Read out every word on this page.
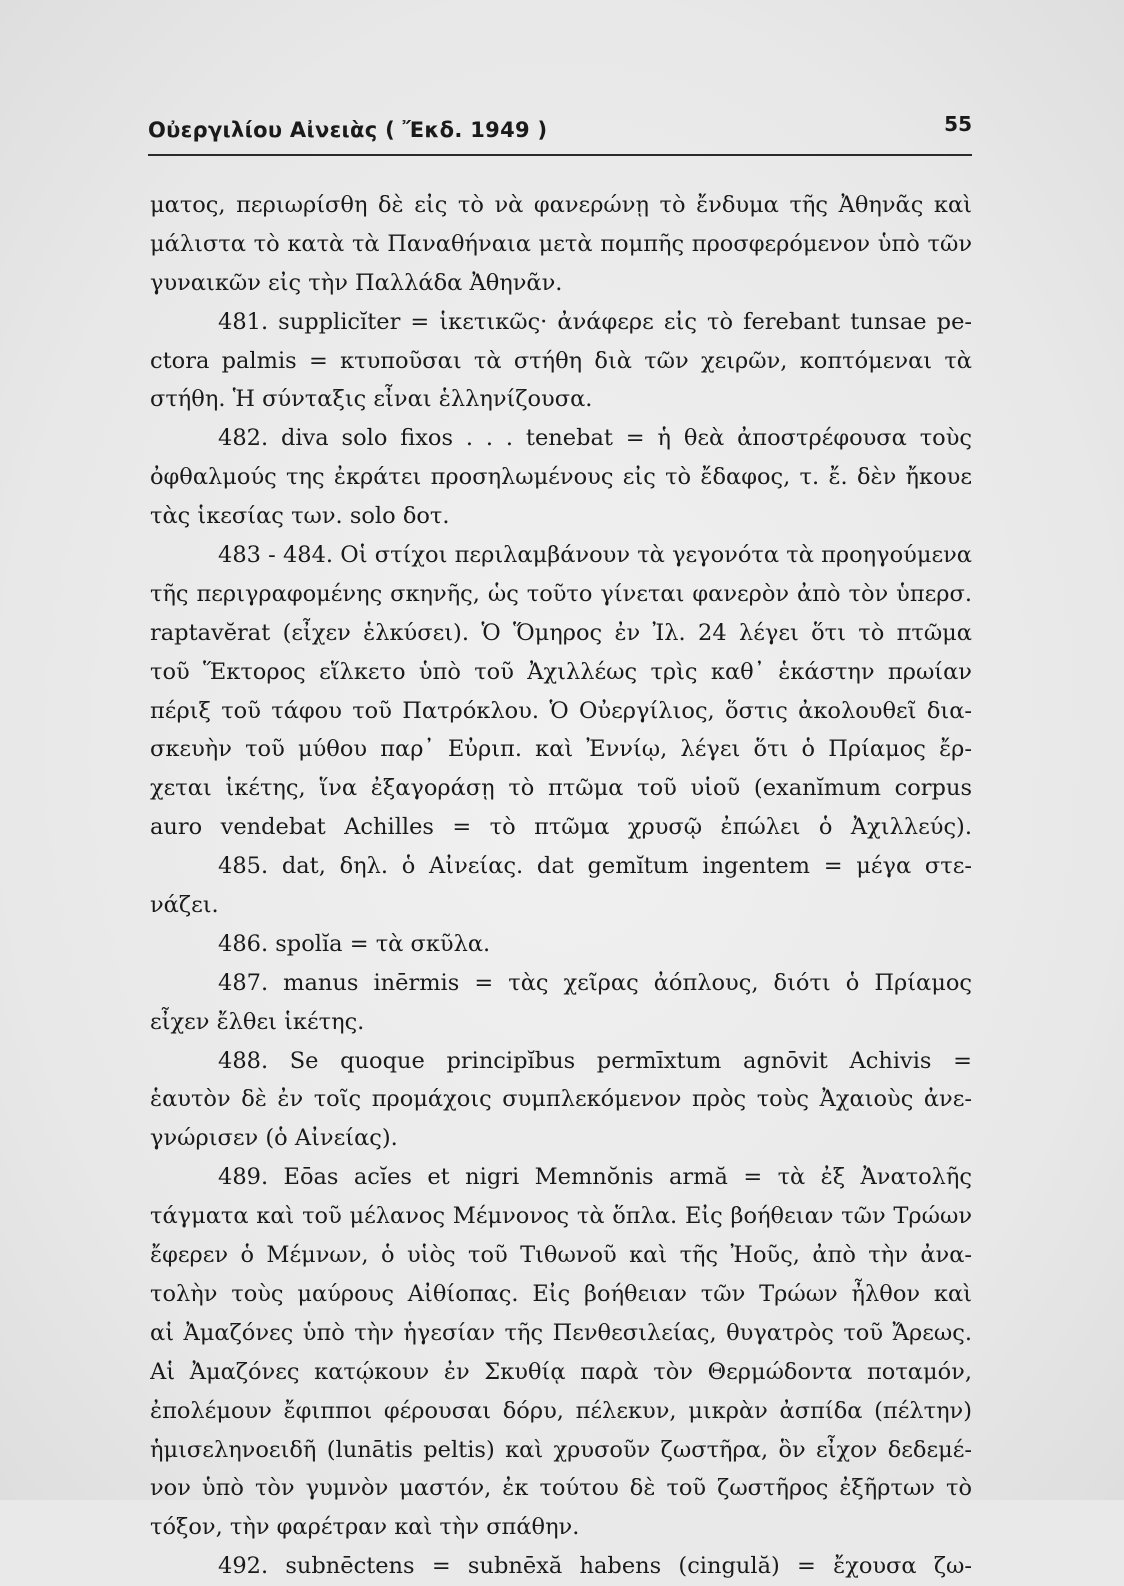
Οὐεργιλίου Αἰνειὰς ( Ἔκδ. 1949 )	55
ματος, περιωρίσθη δὲ εἰς τὸ νὰ φανερώνῃ τὸ ἔνδυμα τῆς Ἀθηνᾶς καὶ
μάλιστα τὸ κατὰ τὰ Παναθήναια μετὰ πομπῆς προσφερόμενον ὑπὸ τῶν
γυναικῶν εἰς τὴν Παλλάδα Ἀθηνᾶν.
481. supplicĭter = ἱκετικῶς· ἀνάφερε εἰς τὸ ferebant tunsae pe-
ctora palmis = κτυποῦσαι τὰ στήθη διὰ τῶν χειρῶν, κοπτόμεναι τὰ
στήθη. Ἡ σύνταξις εἶναι ἑλληνίζουσα.
482. diva solo fixos . . . tenebat = ἡ θεὰ ἀποστρέφουσα τοὺς
ὀφθαλμούς της ἐκράτει προσηλωμένους εἰς τὸ ἔδαφος, τ. ἔ. δὲν ἤκουε
τὰς ἱκεσίας των. solo δοτ.
483 - 484. Οἱ στίχοι περιλαμβάνουν τὰ γεγονότα τὰ προηγούμενα
τῆς περιγραφομένης σκηνῆς, ὡς τοῦτο γίνεται φανερὸν ἀπὸ τὸν ὑπερσ.
raptavĕrat (εἶχεν ἑλκύσει). Ὁ Ὅμηρος ἐν Ἰλ. 24 λέγει ὅτι τὸ πτῶμα
τοῦ Ἕκτορος εἵλκετο ὑπὸ τοῦ Ἀχιλλέως τρὶς καθ᾽ ἑκάστην πρωίαν
πέριξ τοῦ τάφου τοῦ Πατρόκλου. Ὁ Οὐεργίλιος, ὅστις ἀκολουθεῖ δια-
σκευὴν τοῦ μύθου παρ᾽ Εὐριπ. καὶ Ἐννίῳ, λέγει ὅτι ὁ Πρίαμος ἔρ-
χεται ἱκέτης, ἵνα ἐξαγοράσῃ τὸ πτῶμα τοῦ υἱοῦ (exanĭmum corpus
auro vendebat Achilles = τὸ πτῶμα χρυσῷ ἐπώλει ὁ Ἀχιλλεύς).
485. dat, δηλ. ὁ Αἰνείας. dat gemĭtum ingentem = μέγα στε-
νάζει.
486. spolĭa = τὰ σκῦλα.
487. manus inērmis = τὰς χεῖρας ἀόπλους, διότι ὁ Πρίαμος
εἶχεν ἔλθει ἱκέτης.
488. Se quoque principĭbus permīxtum agnōvit Achivis =
ἑαυτὸν δὲ ἐν τοῖς προμάχοις συμπλεκόμενον πρὸς τοὺς Ἀχαιοὺς ἀνε-
γνώρισεν (ὁ Αἰνείας).
489. Eōas acĭes et nigri Memnŏnis armă = τὰ ἐξ Ἀνατολῆς
τάγματα καὶ τοῦ μέλανος Μέμνονος τὰ ὅπλα. Εἰς βοήθειαν τῶν Τρώων
ἔφερεν ὁ Μέμνων, ὁ υἱὸς τοῦ Τιθωνοῦ καὶ τῆς Ἠοῦς, ἀπὸ τὴν ἀνα-
τολὴν τοὺς μαύρους Αἰθίοπας. Εἰς βοήθειαν τῶν Τρώων ἦλθον καὶ
αἱ Ἀμαζόνες ὑπὸ τὴν ἡγεσίαν τῆς Πενθεσιλείας, θυγατρὸς τοῦ Ἄρεως.
Αἱ Ἀμαζόνες κατῴκουν ἐν Σκυθίᾳ παρὰ τὸν Θερμώδοντα ποταμόν,
ἐπολέμουν ἔφιπποι φέρουσαι δόρυ, πέλεκυν, μικρὰν ἀσπίδα (πέλτην)
ἡμισεληνοειδῆ (lunātis peltis) καὶ χρυσοῦν ζωστῆρα, ὃν εἶχον δεδεμέ-
νον ὑπὸ τὸν γυμνὸν μαστόν, ἐκ τούτου δὲ τοῦ ζωστῆρος ἐξῆρτων τὸ
τόξον, τὴν φαρέτραν καὶ τὴν σπάθην.
492. subnēctens = subnēxă habens (cingulă) = ἔχουσα ζω-
